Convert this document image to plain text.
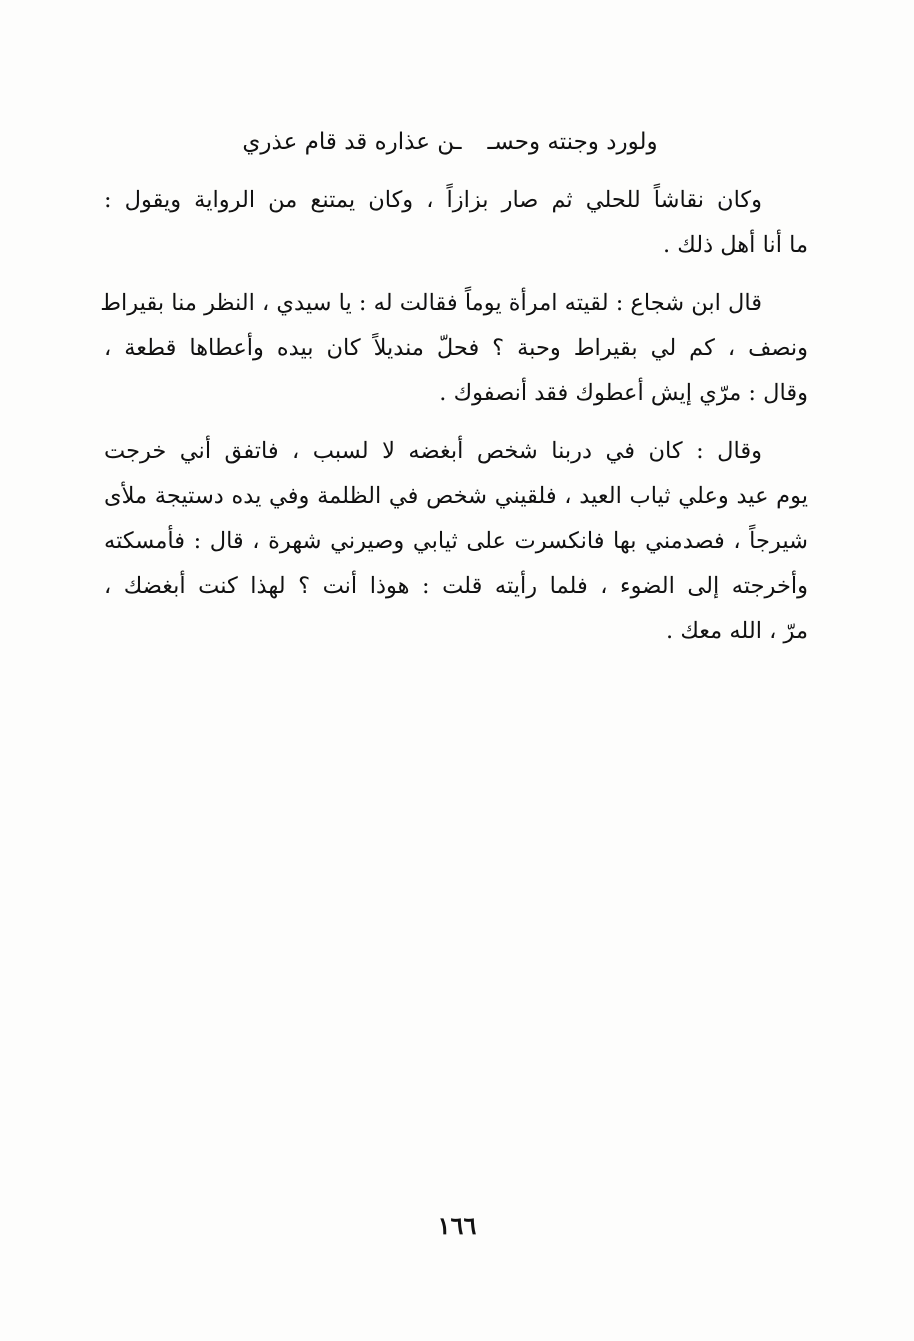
ولورد وجنته وحســن عذاره قد قام عذري
وكان نقاشاً للحلي ثم صار بزازاً ، وكان يمتنع من الرواية ويقول :
ما أنا أهل ذلك .
قال ابن شجاع : لقيته امرأة يوماً فقالت له : يا سيدي ، النظر منا بقيراط
ونصف ، كم لي بقيراط وحبة ؟ فحلّ منديلاً كان بيده وأعطاها قطعة ،
وقال : مرّي إيش أعطوك فقد أنصفوك .
وقال : كان في دربنا شخص أبغضه لا لسبب ، فاتفق أني خرجت
يوم عيد وعلي ثياب العيد ، فلقيني شخص في الظلمة وفي يده دستيجة ملأى
شيرجاً ، فصدمني بها فانكسرت على ثيابي وصيرني شهرة ، قال : فأمسكته
وأخرجته إلى الضوء ، فلما رأيته قلت : هوذا أنت ؟ لهذا كنت أبغضك ،
مرّ ، الله معك .
١٦٦
